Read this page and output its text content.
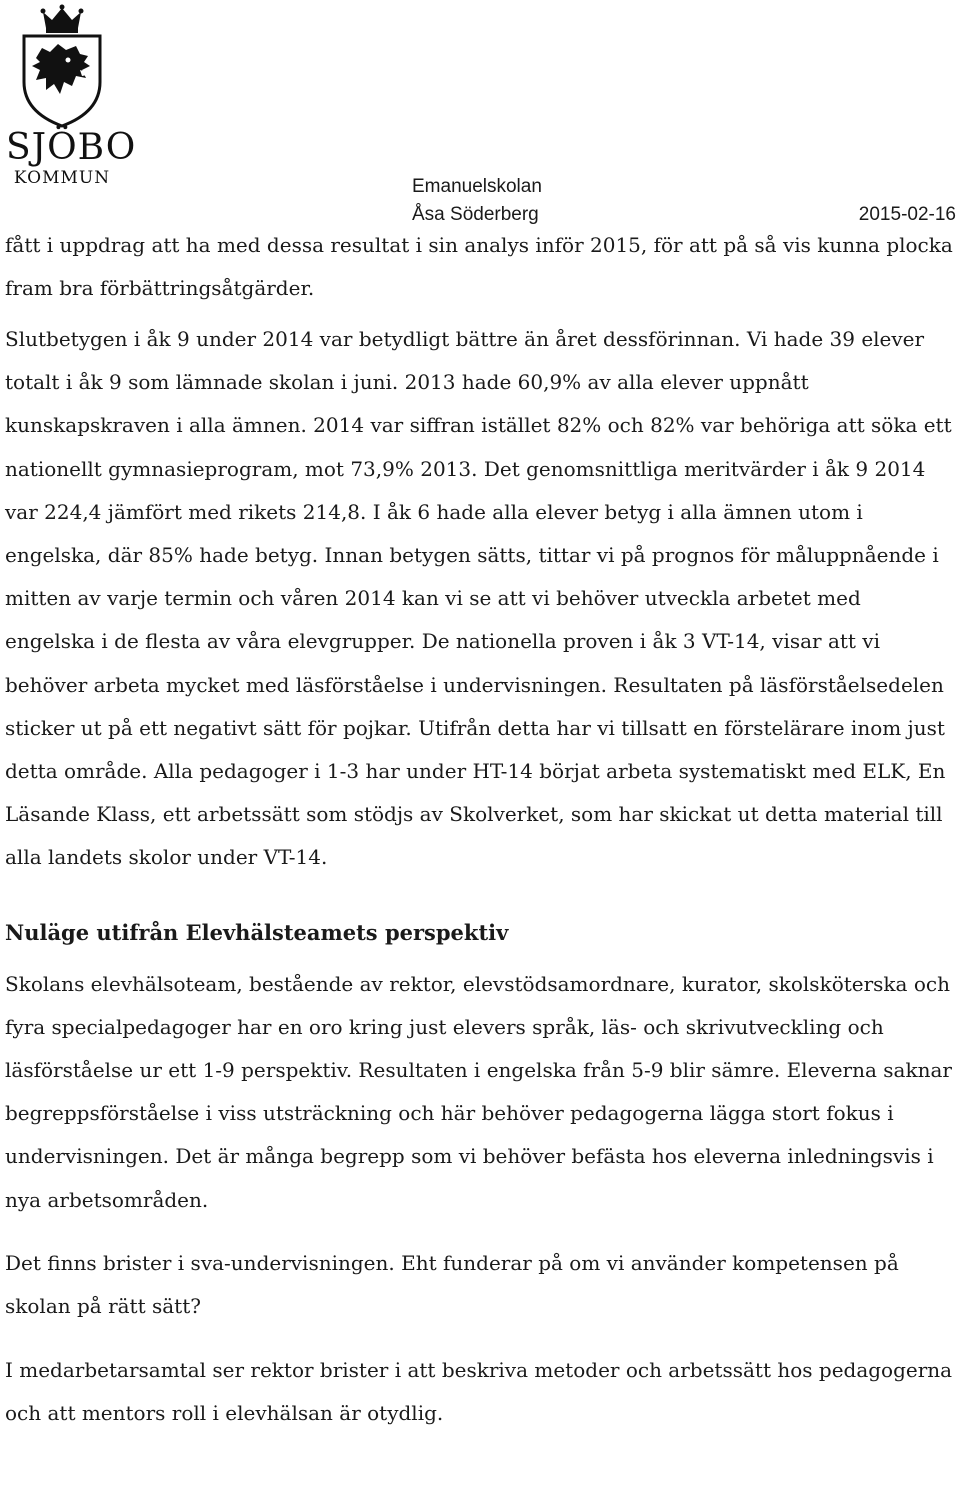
SJÖBO
KOMMUN	Emanuelskolan
Åsa Söderberg	2015-02-16

fått i uppdrag att ha med dessa resultat i sin analys inför 2015, för att på så vis kunna plocka fram bra förbättringsåtgärder.

Slutbetygen i åk 9 under 2014 var betydligt bättre än året dessförinnan. Vi hade 39 elever totalt i åk 9 som lämnade skolan i juni. 2013 hade 60,9% av alla elever uppnått kunskapskraven i alla ämnen. 2014 var siffran istället 82% och 82% var behöriga att söka ett nationellt gymnasieprogram, mot 73,9% 2013. Det genomsnittliga meritvärder i åk 9 2014 var 224,4 jämfört med rikets 214,8. I åk 6 hade alla elever betyg i alla ämnen utom i engelska, där 85% hade betyg. Innan betygen sätts, tittar vi på prognos för måluppnående i mitten av varje termin och våren 2014 kan vi se att vi behöver utveckla arbetet med engelska i de flesta av våra elevgrupper. De nationella proven i åk 3 VT-14, visar att vi behöver arbeta mycket med läsförståelse i undervisningen. Resultaten på läsförståelsedelen sticker ut på ett negativt sätt för pojkar. Utifrån detta har vi tillsatt en förstelärare inom just detta område. Alla pedagoger i 1-3 har under HT-14 börjat arbeta systematiskt med ELK, En Läsande Klass, ett arbetssätt som stödjs av Skolverket, som har skickat ut detta material till alla landets skolor under VT-14.

Nuläge utifrån Elevhälsteamets perspektiv

Skolans elevhälsoteam, bestående av rektor, elevstödsamordnare, kurator, skolsköterska och fyra specialpedagoger har en oro kring just elevers språk, läs- och skrivutveckling och läsförståelse ur ett 1-9 perspektiv. Resultaten i engelska från 5-9 blir sämre. Eleverna saknar begreppsförståelse i viss utsträckning och här behöver pedagogerna lägga stort fokus i undervisningen. Det är många begrepp som vi behöver befästa hos eleverna inledningsvis i nya arbetsområden.

Det finns brister i sva-undervisningen. Eht funderar på om vi använder kompetensen på skolan på rätt sätt?

I medarbetarsamtal ser rektor brister i att beskriva metoder och arbetssätt hos pedagogerna och att mentors roll i elevhälsan är otydlig.
